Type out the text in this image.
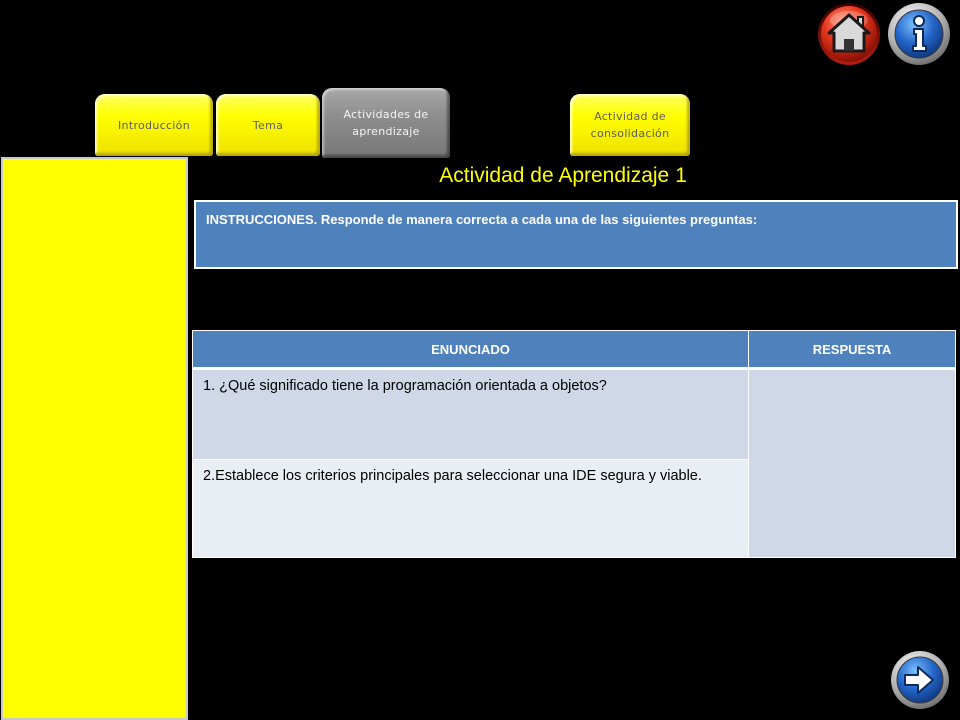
Introducción	Tema
Actividades de aprendizaje
Actividad de consolidación
Actividad de Aprendizaje 1
INSTRUCCIONES. Responde de manera correcta a cada una de las siguientes preguntas:
ENUNCIADO	RESPUESTA
1. ¿Qué significado tiene la programación orientada a objetos?	
2.Establece los criterios principales para seleccionar una IDE segura y viable.	
